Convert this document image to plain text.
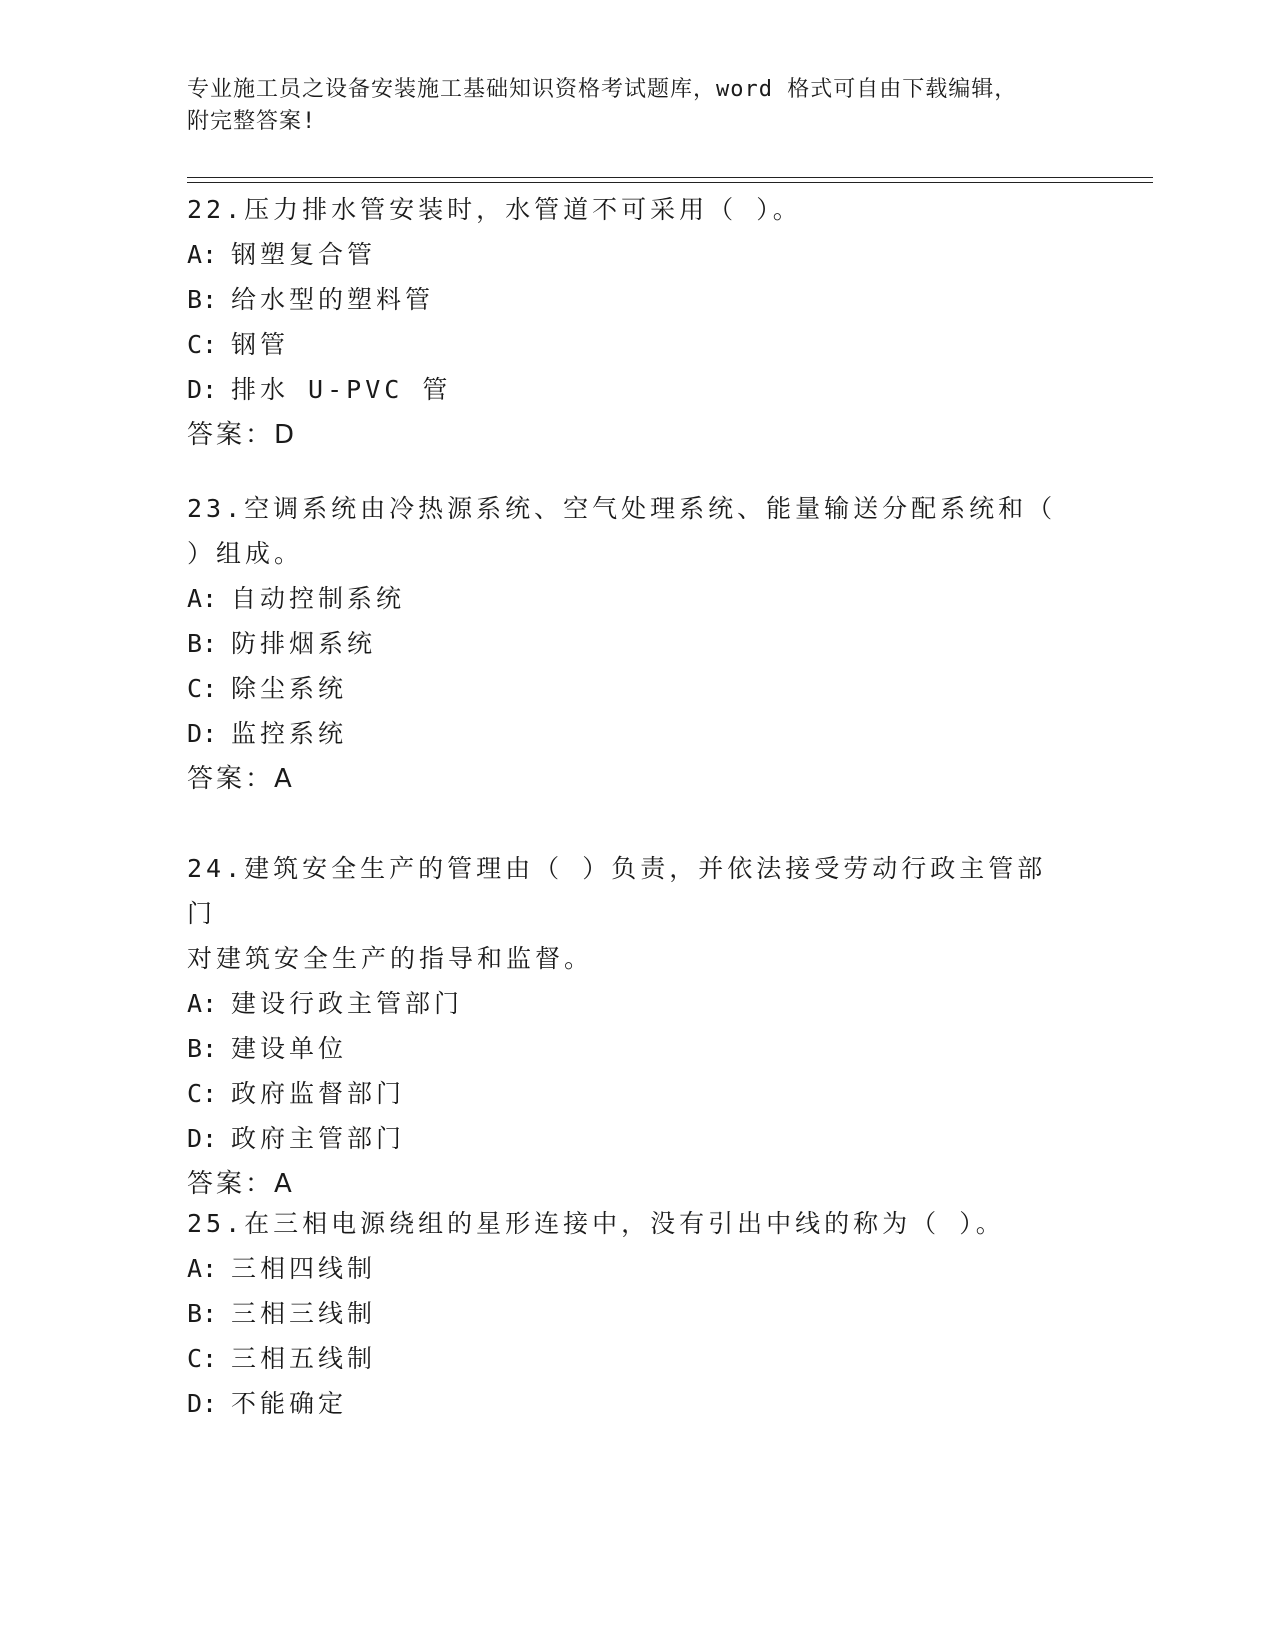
专业施工员之设备安装施工基础知识资格考试题库，word 格式可自由下载编辑，
附完整答案!

22.压力排水管安装时，水管道不可采用（ ）。

A: 钢塑复合管

B: 给水型的塑料管

C: 钢管

D: 排水 U-PVC 管

答案：D

23.空调系统由冷热源系统、空气处理系统、能量输送分配系统和（

）组成。

A: 自动控制系统

B: 防排烟系统

C: 除尘系统

D: 监控系统

答案：A

24.建筑安全生产的管理由（ ）负责，并依法接受劳动行政主管部门

对建筑安全生产的指导和监督。

A: 建设行政主管部门

B: 建设单位

C: 政府监督部门

D: 政府主管部门

答案：A

25.在三相电源绕组的星形连接中，没有引出中线的称为（ ）。

A: 三相四线制

B: 三相三线制

C: 三相五线制

D: 不能确定
